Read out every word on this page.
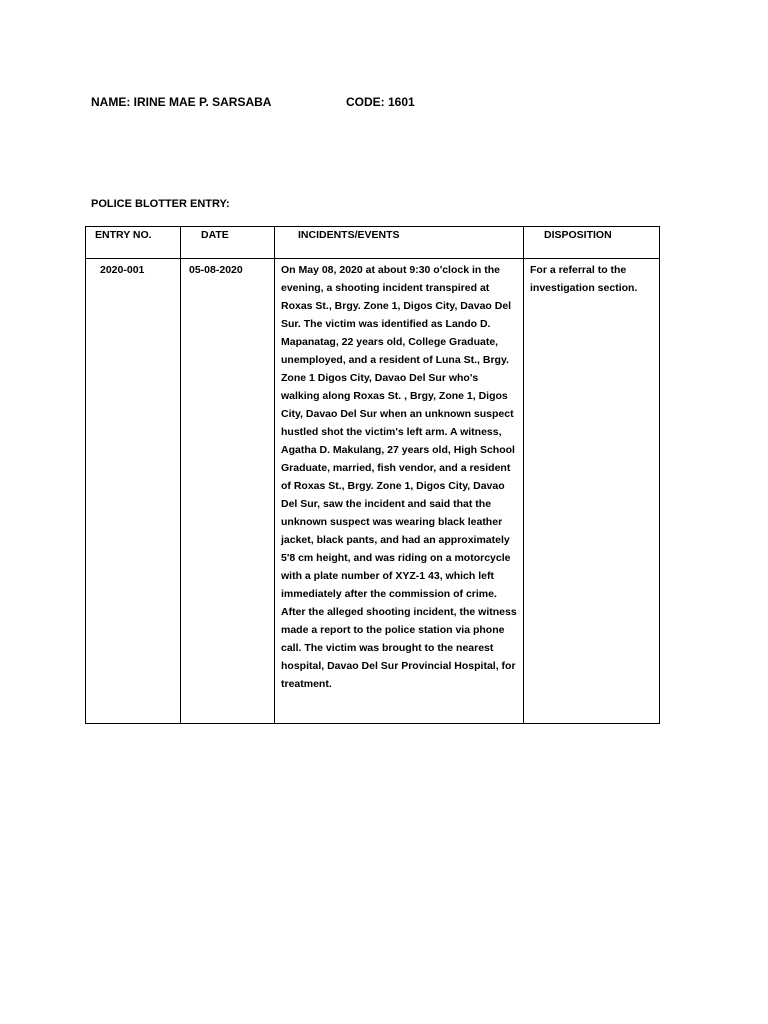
NAME: IRINE MAE P. SARSABA	CODE: 1601
POLICE BLOTTER ENTRY:
ENTRY NO.	DATE	INCIDENTS/EVENTS	DISPOSITION

2020-001	05-08-2020	On May 08, 2020 at about 9:30 o'clock in the evening, a shooting incident transpired at Roxas St., Brgy. Zone 1, Digos City, Davao Del Sur. The victim was identified as Lando D. Mapanatag, 22 years old, College Graduate, unemployed, and a resident of Luna St., Brgy. Zone 1 Digos City, Davao Del Sur who's walking along Roxas St. , Brgy, Zone 1, Digos City, Davao Del Sur when an unknown suspect hustled shot the victim's left arm. A witness, Agatha D. Makulang, 27 years old, High School Graduate, married, fish vendor, and a resident of Roxas St., Brgy. Zone 1, Digos City, Davao Del Sur, saw the incident and said that the unknown suspect was wearing black leather jacket, black pants, and had an approximately 5'8 cm height, and was riding on a motorcycle with a plate number of XYZ-1 43, which left immediately after the commission of crime. After the alleged shooting incident, the witness made a report to the police station via phone call. The victim was brought to the nearest hospital, Davao Del Sur Provincial Hospital, for treatment.	For a referral to the investigation section.
